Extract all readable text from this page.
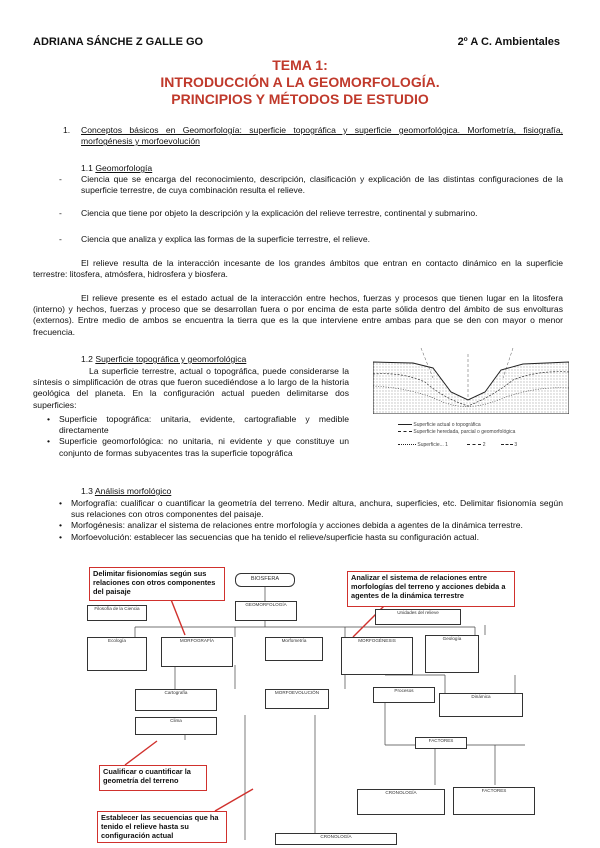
ADRIANA SÁNCHE Z GALLE GO	2º A C. Ambientales
TEMA 1:
INTRODUCCIÓN A LA GEOMORFOLOGÍA.
PRINCIPIOS Y MÉTODOS DE ESTUDIO
1.	Conceptos básicos en Geomorfología: superficie topográfica y superficie geomorfológica. Morfometría, fisiografía, morfogénesis y morfoevolución
1.1 Geomorfología
- Ciencia que se encarga del reconocimiento, descripción, clasificación y explicación de las distintas configuraciones de la superficie terrestre, de cuya combinación resulta el relieve.
- Ciencia que tiene por objeto la descripción y la explicación del relieve terrestre, continental y submarino.
- Ciencia que analiza y explica las formas de la superficie terrestre, el relieve.
El relieve resulta de la interacción incesante de los grandes ámbitos que entran en contacto dinámico en la superficie terrestre: litosfera, atmósfera, hidrosfera y biosfera.
El relieve presente es el estado actual de la interacción entre hechos, fuerzas y procesos que tienen lugar en la litosfera (interno) y hechos, fuerzas y proceso que se desarrollan fuera o por encima de esta parte sólida dentro del ámbito de sus envolturas (externos). Entre medio de ambos se encuentra la tierra que es la que interviene entre ambas para que se den con mayor o menor frecuencia.
1.2 Superficie topográfica y geomorfológica
La superficie terrestre, actual o topográfica, puede considerarse la síntesis o simplificación de otras que fueron sucediéndose a lo largo de la historia geológica del planeta. En la configuración actual pueden delimitarse dos superficies:
• Superficie topográfica: unitaria, evidente, cartografiable y medible directamente
• Superficie geomorfológica: no unitaria, ni evidente y que constituye un conjunto de formas subyacentes tras la superficie topográfica
Superficie actual o topográfica
Superficie heredada, parcial o geomorfológica
Superficie... 1	2	3
1.3 Análisis morfológico
• Morfografía: cualificar o cuantificar la geometría del terreno. Medir altura, anchura, superficies, etc. Delimitar fisionomía según sus relaciones con otros componentes del paisaje.
• Morfogénesis: analizar el sistema de relaciones entre morfología y acciones debida a agentes de la dinámica terrestre.
• Morfoevolución: establecer las secuencias que ha tenido el relieve/superficie hasta su configuración actual.
Delimitar fisionomías según sus relaciones con otros componentes del paisaje
Analizar el sistema de relaciones entre morfologías del terreno y acciones debida a agentes de la dinámica terrestre
Cualificar o cuantificar la geometría del terreno
Establecer las secuencias que ha tenido el relieve hasta su configuración actual
BIOSFERA
GEOMORFOLOGÍA
Filosofía de la Ciencia
Unidades del relieve
MORFOGRAFÍA	Morfometría	MORFOGÉNESIS	Geología
Ecología
Cartografía
Clima
MORFOEVOLUCIÓN	Procesos
Dinámica
FACTORES
CRONOLOGÍA	FACTORES
CRONOLOGÍA
